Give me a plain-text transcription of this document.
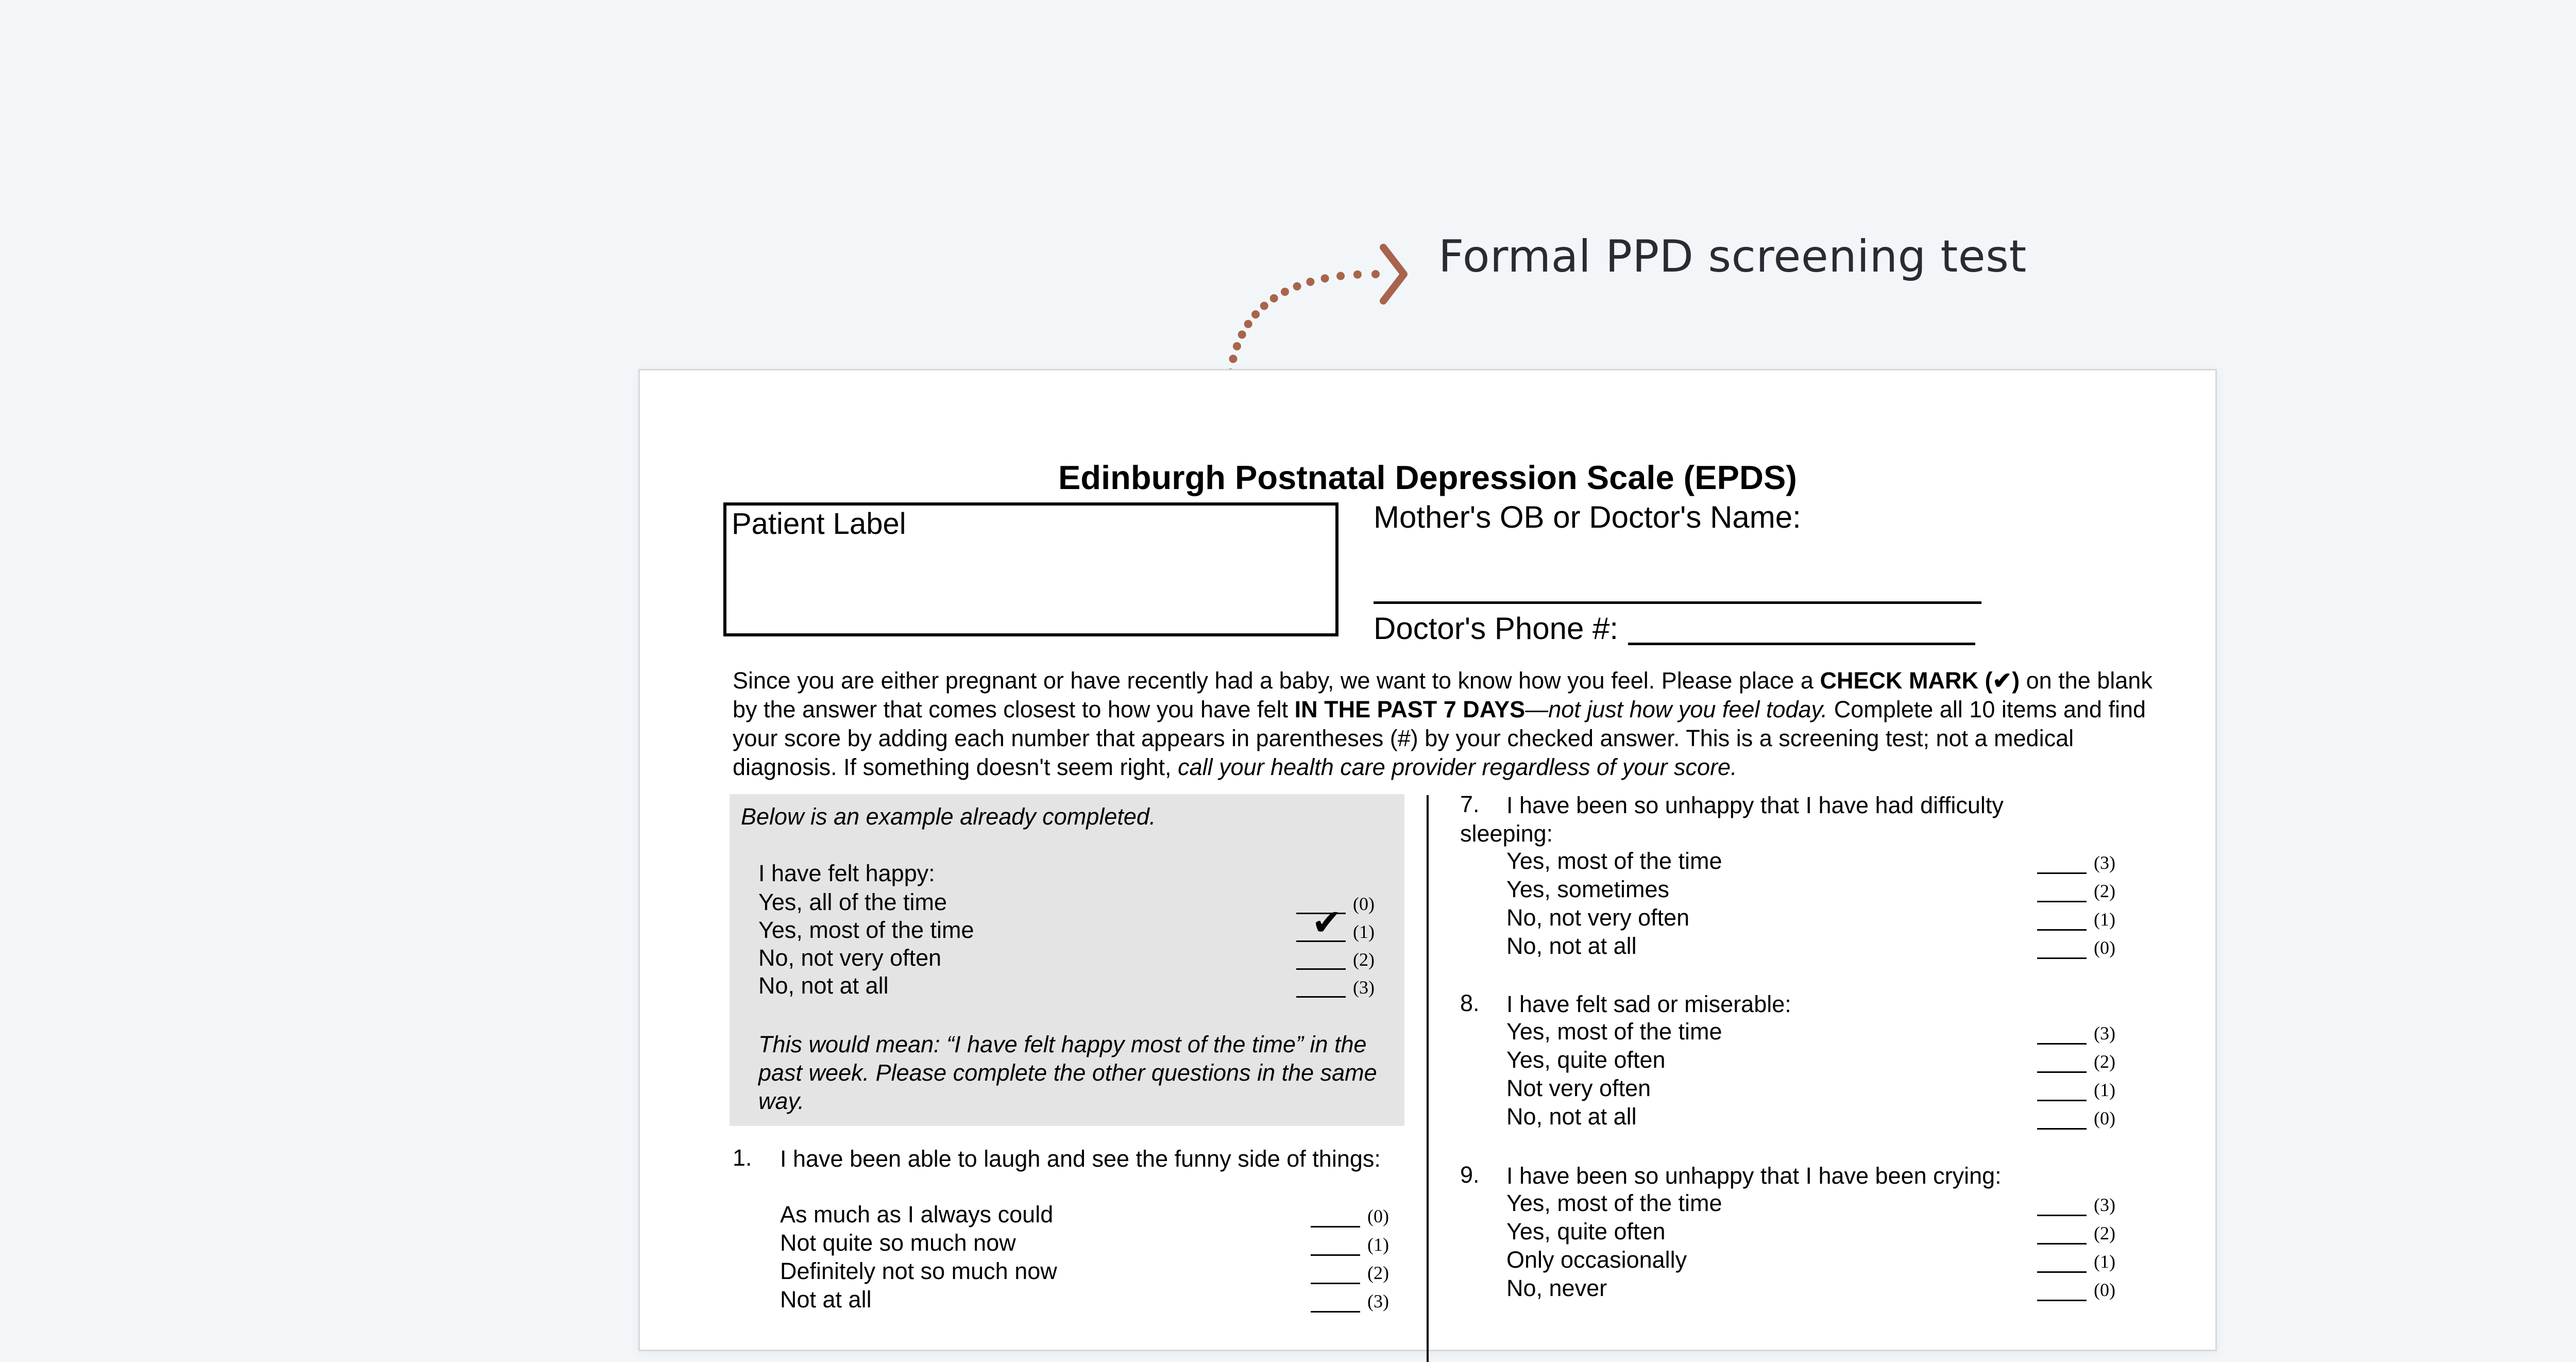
Formal PPD screening test
Edinburgh Postnatal Depression Scale (EPDS)
Patient Label	Mother's OB or Doctor's Name:
Doctor's Phone #:
Since you are either pregnant or have recently had a baby, we want to know how you feel. Please place a CHECK MARK (✔) on the blank by the answer that comes closest to how you have felt IN THE PAST 7 DAYS—not just how you feel today. Complete all 10 items and find your score by adding each number that appears in parentheses (#) by your checked answer. This is a screening test; not a medical diagnosis. If something doesn't seem right, call your health care provider regardless of your score.
Below is an example already completed.
I have felt happy:
Yes, all of the time	(0)
Yes, most of the time	✔ (1)
No, not very often	(2)
No, not at all	(3)
This would mean: “I have felt happy most of the time” in the past week. Please complete the other questions in the same way.
1. I have been able to laugh and see the funny side of things:
As much as I always could	(0)
Not quite so much now	(1)
Definitely not so much now	(2)
Not at all	(3)
7.	I have been so unhappy that I have had difficulty sleeping:
Yes, most of the time	(3)
Yes, sometimes	(2)
No, not very often	(1)
No, not at all	(0)
8. I have felt sad or miserable:
Yes, most of the time	(3)
Yes, quite often	(2)
Not very often	(1)
No, not at all	(0)
9. I have been so unhappy that I have been crying:
Yes, most of the time	(3)
Yes, quite often	(2)
Only occasionally	(1)
No, never	(0)
